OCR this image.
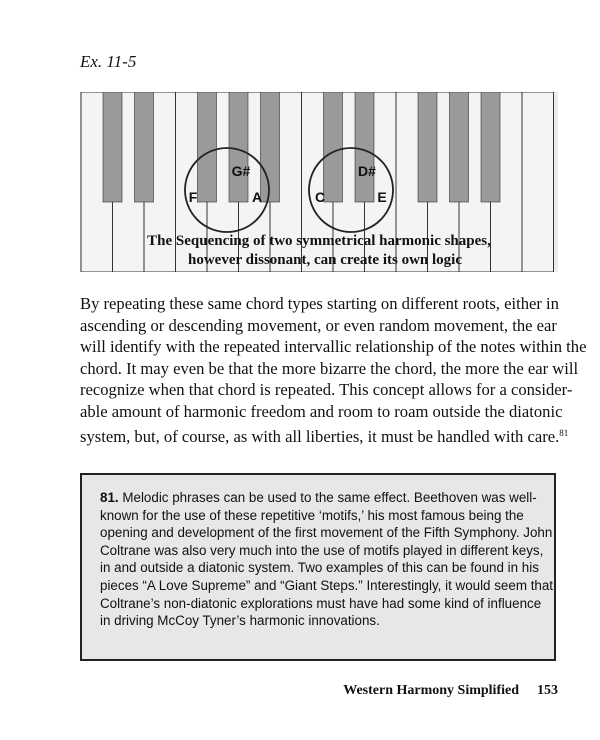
Ex. 11-5
G#
F	A
D#
C	E
The Sequencing of two symmetrical harmonic shapes,
however dissonant, can create its own logic
By repeating these same chord types starting on different roots, either in
ascending or descending movement, or even random movement, the ear
will identify with the repeated intervallic relationship of the notes within the
chord. It may even be that the more bizarre the chord, the more the ear will
recognize when that chord is repeated. This concept allows for a consider-
able amount of harmonic freedom and room to roam outside the diatonic
system, but, of course, as with all liberties, it must be handled with care.$^{81}$
81. Melodic phrases can be used to the same effect. Beethoven was well-
known for the use of these repetitive ‘motifs,’ his most famous being the
opening and development of the first movement of the Fifth Symphony. John
Coltrane was also very much into the use of motifs played in different keys,
in and outside a diatonic system. Two examples of this can be found in his
pieces “A Love Supreme” and “Giant Steps.” Interestingly, it would seem that
Coltrane’s non-diatonic explorations must have had some kind of influence
in driving McCoy Tyner’s harmonic innovations.
Western Harmony Simplified 153
